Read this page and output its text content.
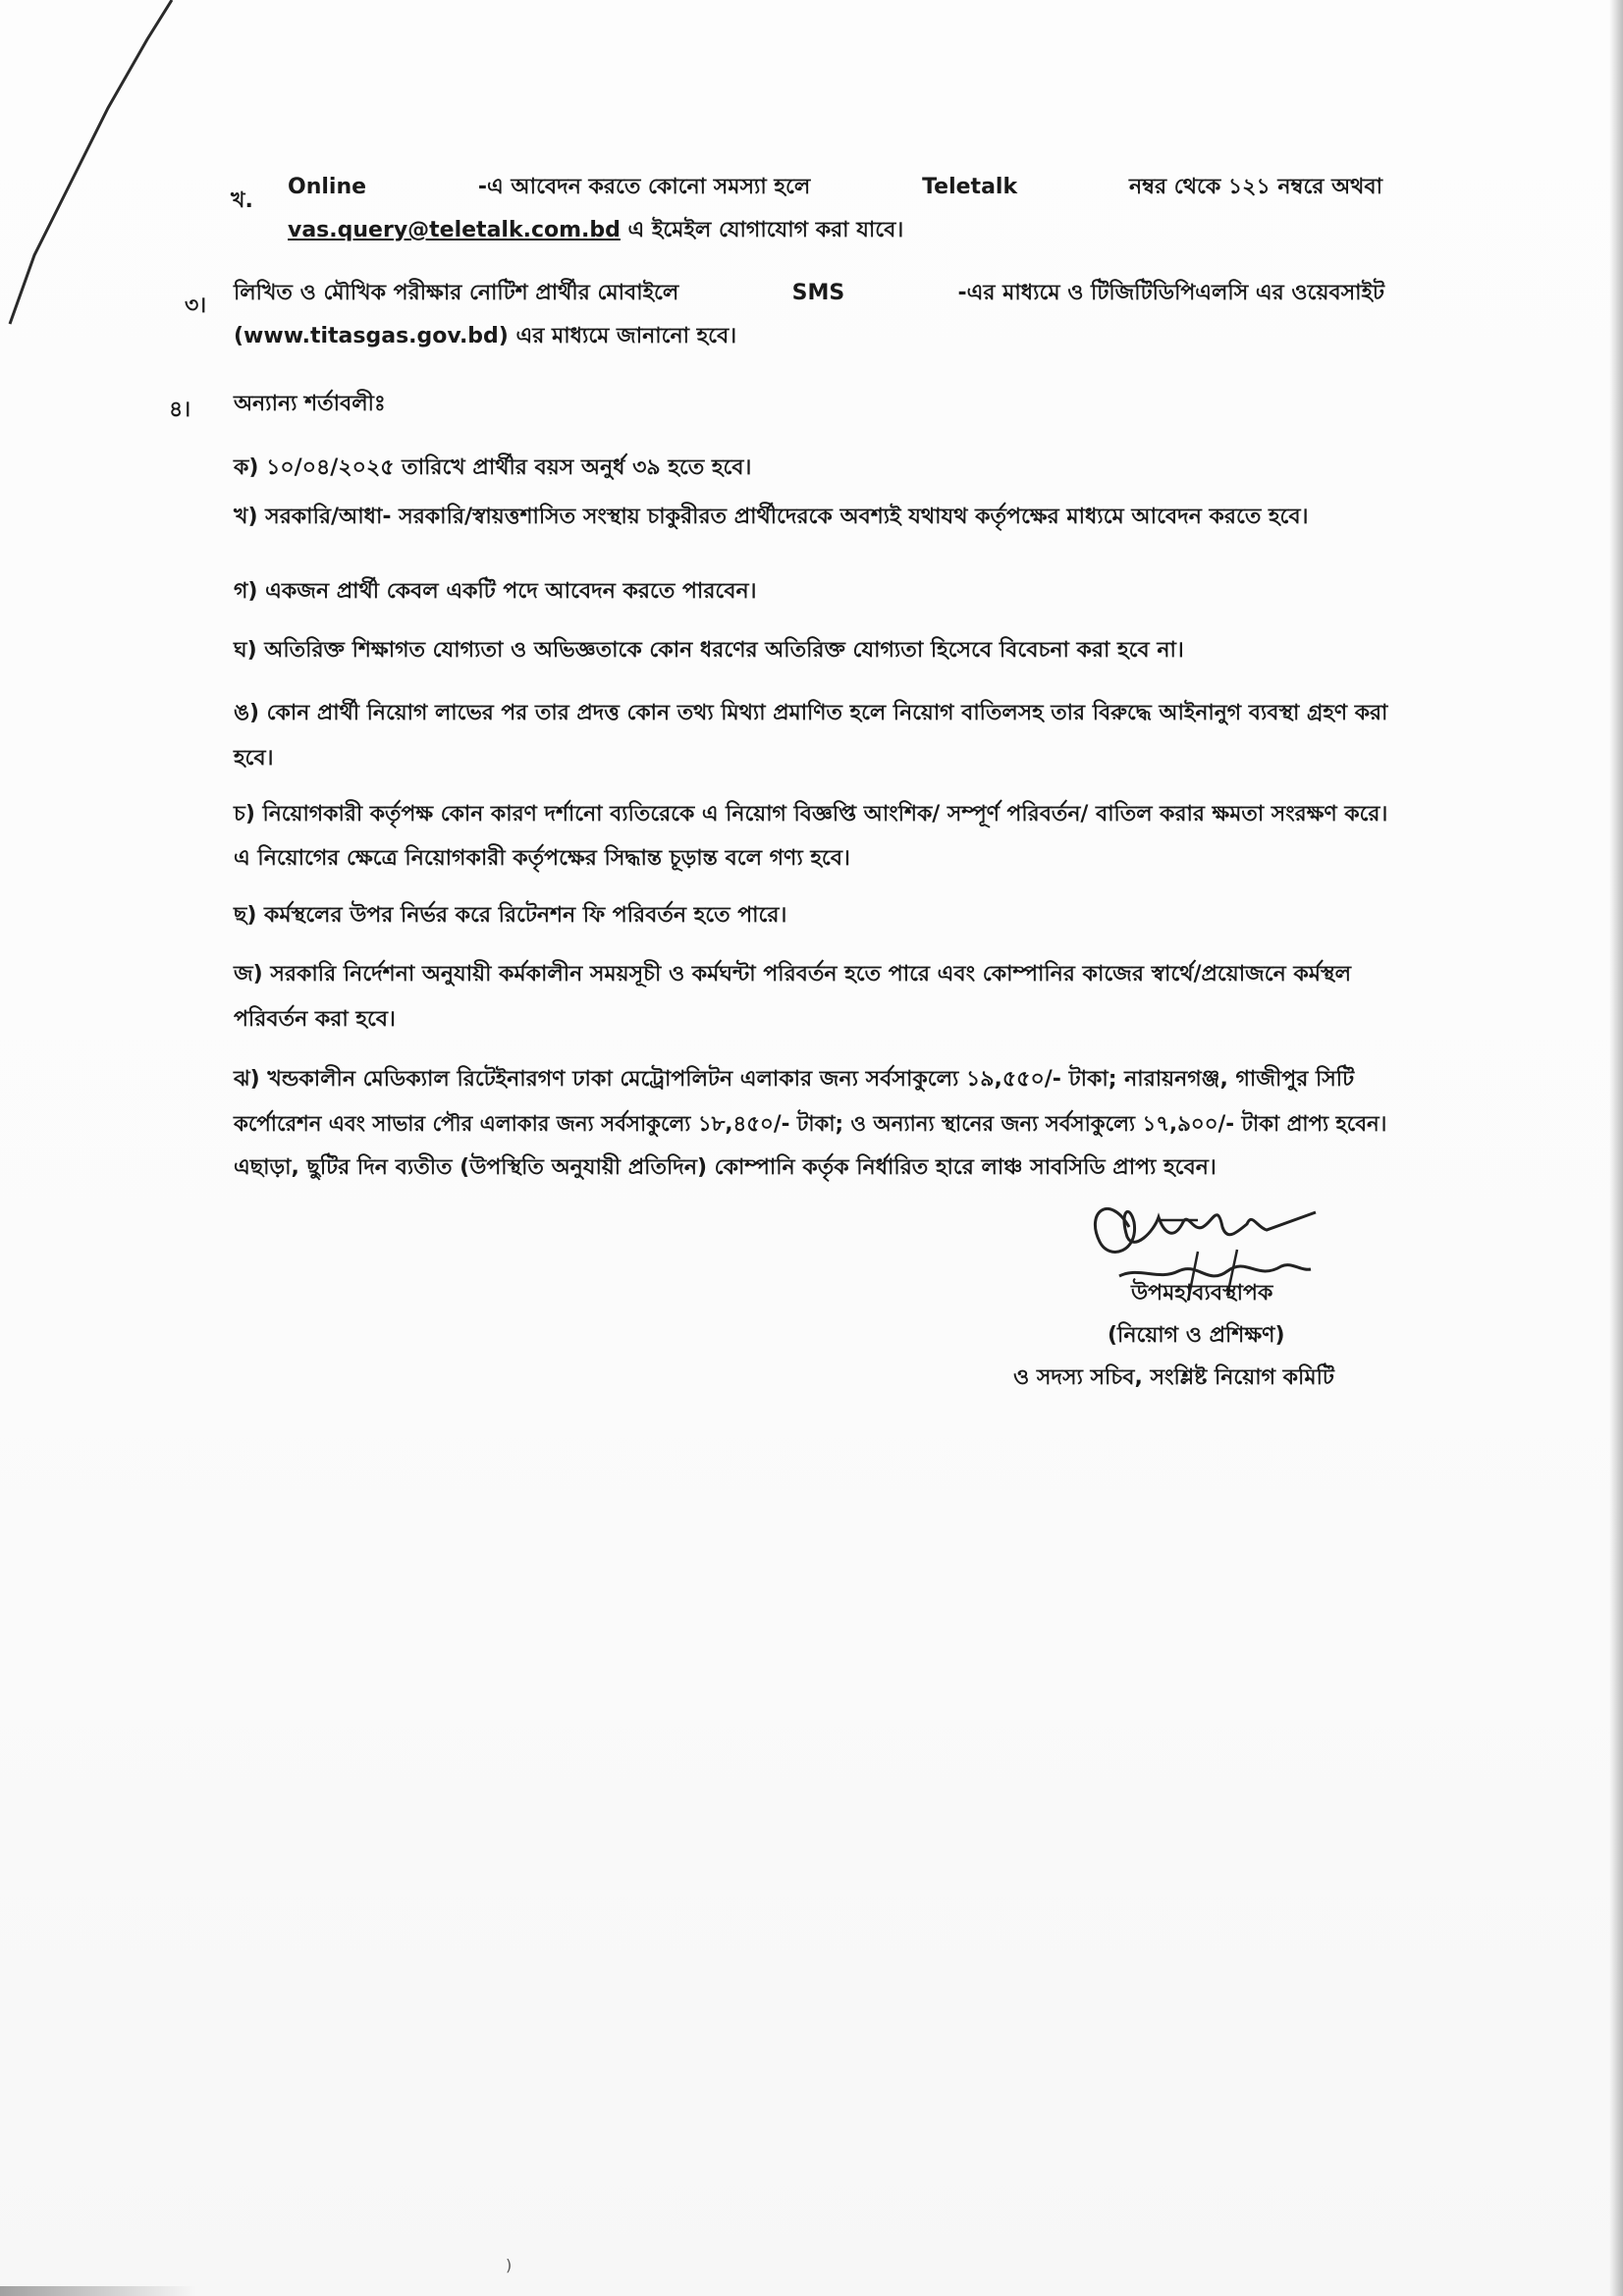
খ.
Online	-এ আবেদন করতে কোনো সমস্যা হলে	Teletalk	নম্বর থেকে ১২১ নম্বরে অথবা
vas.query@teletalk.com.bd এ ইমেইল যোগাযোগ করা যাবে।
৩।
লিখিত ও মৌখিক পরীক্ষার নোটিশ প্রার্থীর মোবাইলে	SMS	-এর মাধ্যমে ও টিজিটিডিপিএলসি এর ওয়েবসাইট
(www.titasgas.gov.bd) এর মাধ্যমে জানানো হবে।
৪। অন্যান্য শর্তাবলীঃ
ক) ১০/০৪/২০২৫ তারিখে প্রার্থীর বয়স অনুর্ধ ৩৯ হতে হবে।
খ) সরকারি/আধা- সরকারি/স্বায়ত্তশাসিত সংস্থায় চাকুরীরত প্রার্থীদেরকে অবশ্যই যথাযথ কর্তৃপক্ষের মাধ্যমে আবেদন করতে হবে।
গ) একজন প্রার্থী কেবল একটি পদে আবেদন করতে পারবেন।
ঘ) অতিরিক্ত শিক্ষাগত যোগ্যতা ও অভিজ্ঞতাকে কোন ধরণের অতিরিক্ত যোগ্যতা হিসেবে বিবেচনা করা হবে না।
ঙ) কোন প্রার্থী নিয়োগ লাভের পর তার প্রদত্ত কোন তথ্য মিথ্যা প্রমাণিত হলে নিয়োগ বাতিলসহ তার বিরুদ্ধে আইনানুগ ব্যবস্থা গ্রহণ করা
হবে।
চ) নিয়োগকারী কর্তৃপক্ষ কোন কারণ দর্শানো ব্যতিরেকে এ নিয়োগ বিজ্ঞপ্তি আংশিক/ সম্পূর্ণ পরিবর্তন/ বাতিল করার ক্ষমতা সংরক্ষণ করে।
এ নিয়োগের ক্ষেত্রে নিয়োগকারী কর্তৃপক্ষের সিদ্ধান্ত চূড়ান্ত বলে গণ্য হবে।
ছ) কর্মস্থলের উপর নির্ভর করে রিটেনশন ফি পরিবর্তন হতে পারে।
জ) সরকারি নির্দেশনা অনুযায়ী কর্মকালীন সময়সূচী ও কর্মঘন্টা পরিবর্তন হতে পারে এবং কোম্পানির কাজের স্বার্থে/প্রয়োজনে কর্মস্থল
পরিবর্তন করা হবে।
ঝ) খন্ডকালীন মেডিক্যাল রিটেইনারগণ ঢাকা মেট্রোপলিটন এলাকার জন্য সর্বসাকুল্যে ১৯,৫৫০/- টাকা; নারায়নগঞ্জ, গাজীপুর সিটি
কর্পোরেশন এবং সাভার পৌর এলাকার জন্য সর্বসাকুল্যে ১৮,৪৫০/- টাকা; ও অন্যান্য স্থানের জন্য সর্বসাকুল্যে ১৭,৯০০/- টাকা প্রাপ্য হবেন।
এছাড়া, ছুটির দিন ব্যতীত (উপস্থিতি অনুযায়ী প্রতিদিন) কোম্পানি কর্তৃক নির্ধারিত হারে লাঞ্চ সাবসিডি প্রাপ্য হবেন।
উপমহাব্যবস্থাপক
(নিয়োগ ও প্রশিক্ষণ)
ও সদস্য সচিব, সংশ্লিষ্ট নিয়োগ কমিটি
)
